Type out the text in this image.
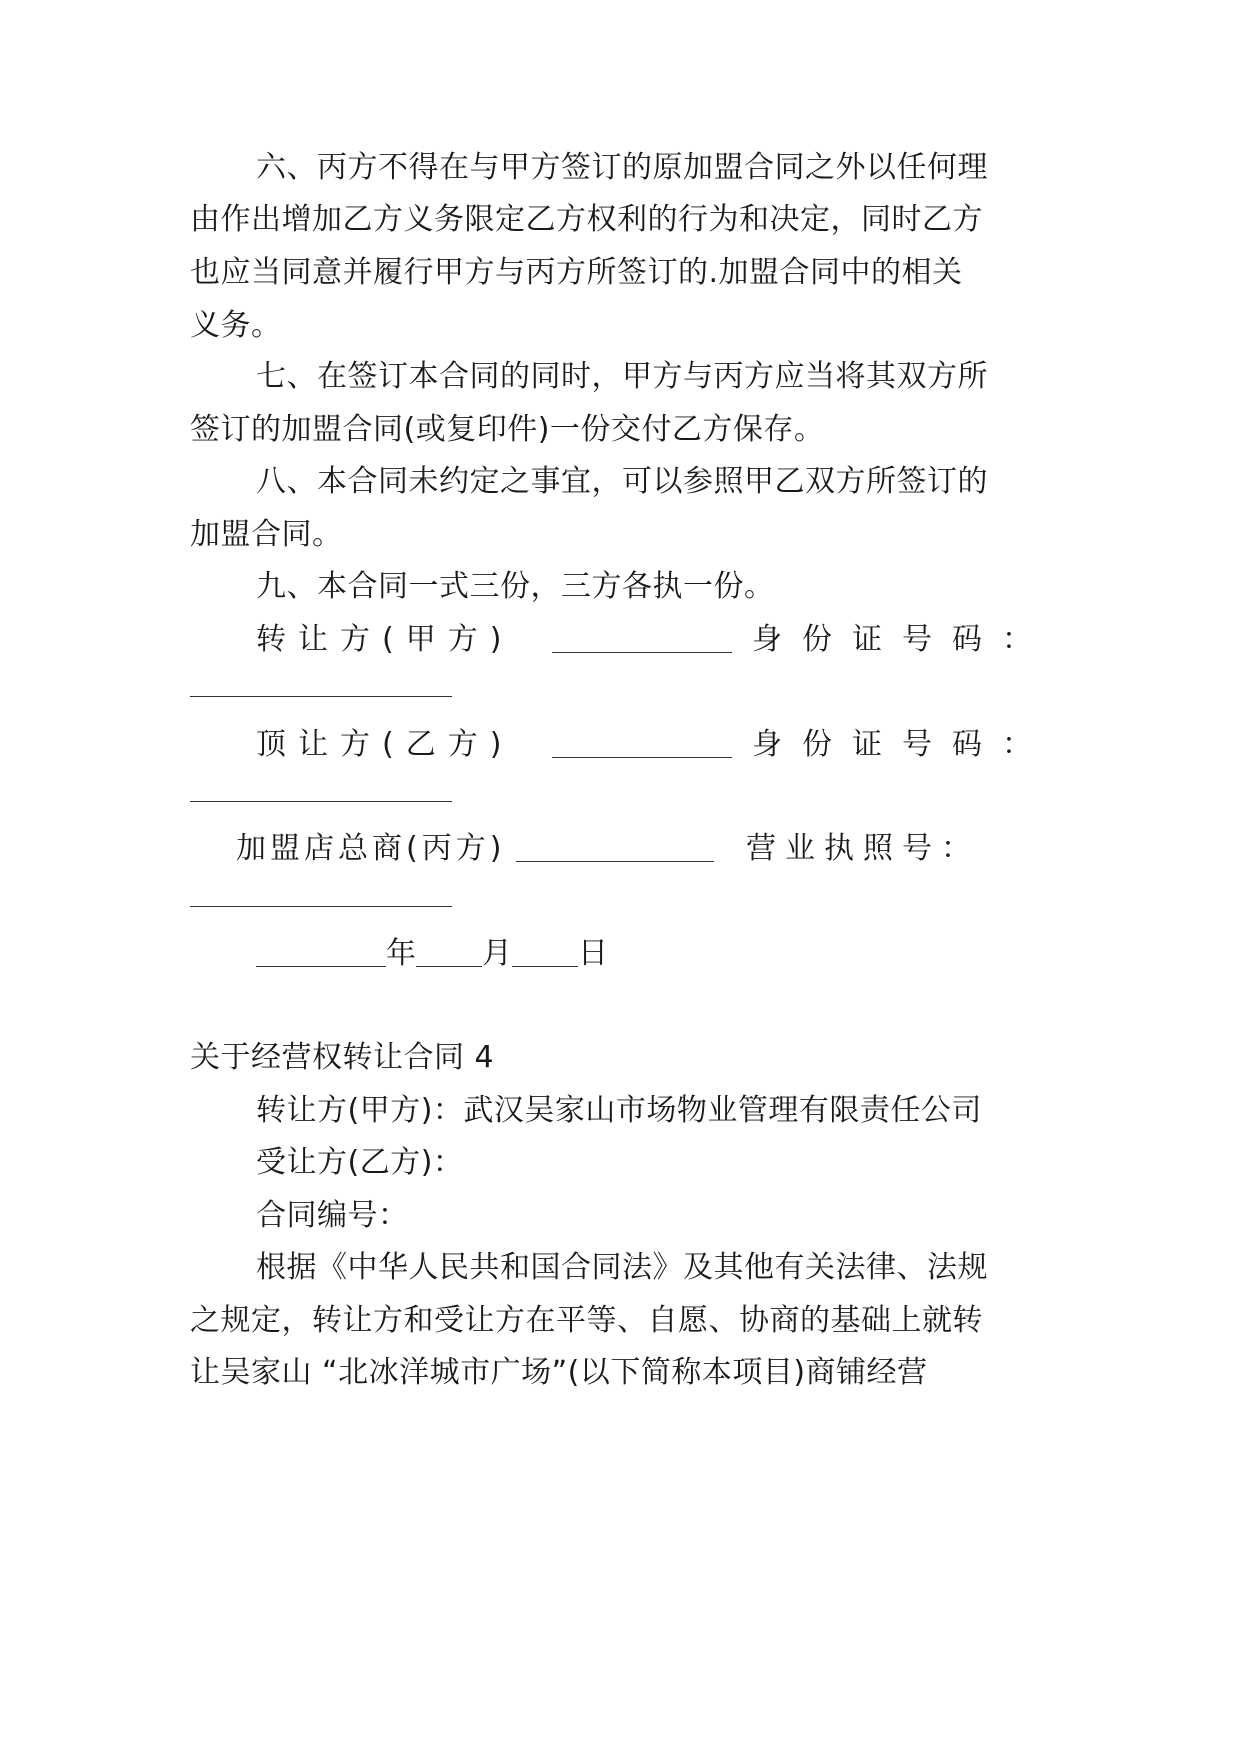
六、丙方不得在与甲方签订的原加盟合同之外以任何理
由作出增加乙方义务限定乙方权利的行为和决定，同时乙方
也应当同意并履行甲方与丙方所签订的.加盟合同中的相关
义务。
七、在签订本合同的同时，甲方与丙方应当将其双方所
签订的加盟合同(或复印件)一份交付乙方保存。
八、本合同未约定之事宜，可以参照甲乙双方所签订的
加盟合同。
九、本合同一式三份，三方各执一份。
转让方(甲方)	身份证号码：
顶让方(乙方)	身份证号码：
加盟店总商(丙方)	营业执照号：
年 月 日
关于经营权转让合同 4
转让方(甲方)：武汉吴家山市场物业管理有限责任公司
受让方(乙方)：
合同编号：
根据《中华人民共和国合同法》及其他有关法律、法规
之规定，转让方和受让方在平等、自愿、协商的基础上就转
让吴家山 “北冰洋城市广场”(以下简称本项目)商铺经营
